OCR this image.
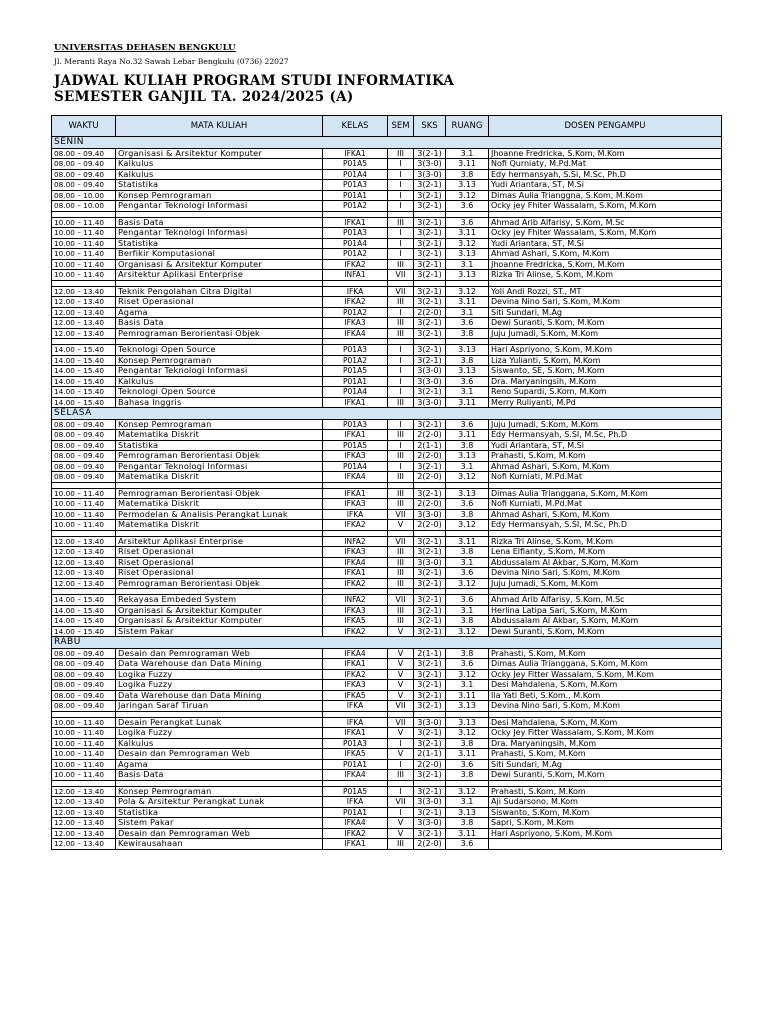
UNIVERSITAS DEHASEN BENGKULU
Jl. Meranti Raya No.32 Sawah Lebar Bengkulu (0736) 22027
JADWAL KULIAH PROGRAM STUDI INFORMATIKA
SEMESTER GANJIL TA. 2024/2025 (A)
WAKTU	MATA KULIAH	KELAS	SEM	SKS	RUANG	DOSEN PENGAMPU
SENIN						
08.00 – 09.40	Organisasi & Arsitektur Komputer	IFKA1	III	3(2-1)	3.1	Jhoanne Fredricka, S.Kom, M.Kom
08.00 – 09.40	Kalkulus	P01A5	I	3(3-0)	3.11	Nofi Qurniaty, M.Pd.Mat
08.00 – 09.40	Kalkulus	P01A4	I	3(3-0)	3.8	Edy hermansyah, S.Si, M.Sc, Ph.D
08.00 – 09.40	Statistika	P01A3	I	3(2-1)	3.13	Yudi Ariantara, ST, M.Si
08.00 – 10.00	Konsep Pemrograman	P01A1	I	3(2-1)	3.12	Dimas Aulia Trianggna, S.Kom, M.Kom
08.00 – 10.00	Pengantar Teknologi Informasi	P01A2	I	3(2-1)	3.6	Ocky jey Fhiter Wassalam, S.Kom, M.Kom

10.00 – 11.40	Basis Data	IFKA1	III	3(2-1)	3.6	Ahmad Arib Alfarisy, S.Kom, M.Sc
10.00 – 11.40	Pengantar Teknologi Informasi	P01A3	I	3(2-1)	3.11	Ocky jey Fhiter Wassalam, S.Kom, M.Kom
10.00 – 11.40	Statistika	P01A4	I	3(2-1)	3.12	Yudi Ariantara, ST, M.Si
10.00 – 11.40	Berfikir Komputasional	P01A2	I	3(2-1)	3.13	Ahmad Ashari, S.Kom, M.Kom
10.00 – 11.40	Organisasi & Arsitektur Komputer	IFKA2	III	3(2-1)	3.1	Jhoanne Fredricka, S.Kom, M.Kom
10.00 – 11.40	Arsitektur Aplikasi Enterprise	INFA1	VII	3(2-1)	3.13	Rizka Tri Alinse, S.Kom, M.Kom

12.00 – 13.40	Teknik Pengolahan Citra Digital	IFKA	VII	3(2-1)	3.12	Yoli Andi Rozzi, ST., MT
12.00 – 13.40	Riset Operasional	IFKA2	III	3(2-1)	3.11	Devina Nino Sari, S.Kom, M.Kom
12.00 – 13.40	Agama	P01A2	I	2(2-0)	3.1	Siti Sundari, M.Ag
12.00 – 13.40	Basis Data	IFKA3	III	3(2-1)	3.6	Dewi Suranti, S.Kom, M.Kom
12.00 – 13.40	Pemrograman Berorientasi Objek	IFKA4	III	3(2-1)	3.8	Juju Jumadi, S.Kom, M.Kom

14.00 – 15.40	Teknologi Open Source	P01A3	I	3(2-1)	3.13	Hari Aspriyono, S.Kom, M.Kom
14.00 – 15.40	Konsep Pemrograman	P01A2	I	3(2-1)	3.8	Liza Yulianti, S.Kom, M.Kom
14.00 – 15.40	Pengantar Teknologi Informasi	P01A5	I	3(3-0)	3.13	Siswanto, SE, S.Kom, M.Kom
14.00 – 15.40	Kalkulus	P01A1	I	3(3-0)	3.6	Dra. Maryaningsih, M.Kom
14.00 – 15.40	Teknologi Open Source	P01A4	I	3(2-1)	3.1	Reno Supardi, S.Kom, M.Kom
14.00 – 15.40	Bahasa Inggris	IFKA1	III	3(3-0)	3.11	Merry Ruliyanti, M.Pd
SELASA						
08.00 – 09.40	Konsep Pemrograman	P01A3	I	3(2-1)	3.6	Juju Jumadi, S.Kom, M.Kom
08.00 – 09.40	Matematika Diskrit	IFKA1	III	2(2-0)	3.11	Edy Hermansyah, S.SI, M.Sc, Ph.D
08.00 – 09.40	Statistika	P01A5	I	2(1-1)	3.8	Yudi Ariantara, ST, M.Si
08.00 – 09.40	Pemrograman Berorientasi Objek	IFKA3	III	2(2-0)	3.13	Prahasti, S.Kom, M.Kom
08.00 – 09.40	Pengantar Teknologi Informasi	P01A4	I	3(2-1)	3.1	Ahmad Ashari, S.Kom, M.Kom
08.00 – 09.40	Matematika Diskrit	IFKA4	III	2(2-0)	3.12	Nofi Kurniati, M.Pd.Mat

10.00 – 11.40	Pemrograman Berorientasi Objek	IFKA1	III	3(2-1)	3.13	Dimas Aulia Trianggana, S.Kom, M.Kom
10.00 – 11.40	Matematika Diskrit	IFKA3	III	2(2-0)	3.6	Nofi Kurniati, M.Pd.Mat
10.00 – 11.40	Permodelan & Analisis Perangkat Lunak	IFKA	VII	3(3-0)	3.8	Ahmad Ashari, S.Kom, M.Kom
10.00 – 11.40	Matematika Diskrit	IFKA2	V	2(2-0)	3.12	Edy Hermansyah, S.SI, M.Sc, Ph.D

12.00 – 13.40	Arsitektur Aplikasi Enterprise	INFA2	VII	3(2-1)	3.11	Rizka Tri Alinse, S.Kom, M.Kom
12.00 – 13.40	Riset Operasional	IFKA3	III	3(2-1)	3.8	Lena Elfianty, S.Kom, M.Kom
12.00 – 13.40	Riset Operasional	IFKA4	III	3(3-0)	3.1	Abdussalam Al Akbar, S.Kom, M.Kom
12.00 – 13.40	Riset Operasional	IFKA1	III	3(2-1)	3.6	Devina Nino Sari, S.Kom, M.Kom
12.00 – 13.40	Pemrograman Berorientasi Objek	IFKA2	III	3(2-1)	3.12	Juju Jumadi, S.Kom, M.Kom

14.00 – 15.40	Rekayasa Embeded System	INFA2	VII	3(2-1)	3.6	Ahmad Arib Alfarisy, S.Kom, M.Sc
14.00 – 15.40	Organisasi & Arsitektur Komputer	IFKA3	III	3(2-1)	3.1	Herlina Latipa Sari, S.Kom, M.Kom
14.00 – 15.40	Organisasi & Arsitektur Komputer	IFKA5	III	3(2-1)	3.8	Abdussalam Al Akbar, S.Kom, M.Kom
14.00 – 15.40	Sistem Pakar	IFKA2	V	3(2-1)	3.12	Dewi Suranti, S.Kom, M.Kom
RABU						
08.00 – 09.40	Desain dan Pemrograman Web	IFKA4	V	2(1-1)	3.8	Prahasti, S.Kom, M.Kom
08.00 – 09.40	Data Warehouse dan Data Mining	IFKA1	V	3(2-1)	3.6	Dimas Aulia Trianggana, S.Kom, M.Kom
08.00 – 09.40	Logika Fuzzy	IFKA2	V	3(2-1)	3.12	Ocky Jey Fitter Wassalam, S.Kom, M.Kom
08.00 – 09.40	Logika Fuzzy	IFKA3	V	3(2-1)	3.1	Desi Mahdalena, S.Kom, M.Kom
08.00 – 09.40	Data Warehouse dan Data Mining	IFKA5	V	3(2-1)	3.11	Ila Yati Beti, S.Kom., M.Kom
08.00 – 09.40	Jaringan Saraf Tiruan	IFKA	VII	3(2-1)	3.13	Devina Nino Sari, S.Kom, M.Kom

10.00 – 11.40	Desain Perangkat Lunak	IFKA	VII	3(3-0)	3.13	Desi Mahdalena, S.Kom, M.Kom
10.00 – 11.40	Logika Fuzzy	IFKA1	V	3(2-1)	3.12	Ocky Jey Fitter Wassalam, S.Kom, M.Kom
10.00 – 11.40	Kalkulus	P01A3	I	3(2-1)	3.8	Dra. Maryaningsih, M.Kom
10.00 – 11.40	Desain dan Pemrograman Web	IFKA5	V	2(1-1)	3.11	Prahasti, S.Kom, M.Kom
10.00 – 11.40	Agama	P01A1	I	2(2-0)	3.6	Siti Sundari, M.Ag
10.00 – 11.40	Basis Data	IFKA4	III	3(2-1)	3.8	Dewi Suranti, S.Kom, M.Kom

12.00 – 13.40	Konsep Pemrograman	P01A5	I	3(2-1)	3.12	Prahasti, S.Kom, M.Kom
12.00 – 13.40	Pola & Arsitektur Perangkat Lunak	IFKA	VII	3(3-0)	3.1	Aji Sudarsono, M.Kom
12.00 – 13.40	Statistika	P01A1	I	3(2-1)	3.13	Siswanto, S.Kom, M.Kom
12.00 – 13.40	Sistem Pakar	IFKA4	V	3(3-0)	3.8	Sapri, S.Kom, M.Kom
12.00 – 13.40	Desain dan Pemrograman Web	IFKA2	V	3(2-1)	3.11	Hari Aspriyono, S.Kom, M.Kom
12.00 – 13.40	Kewirausahaan	IFKA1	III	2(2-0)	3.6	
